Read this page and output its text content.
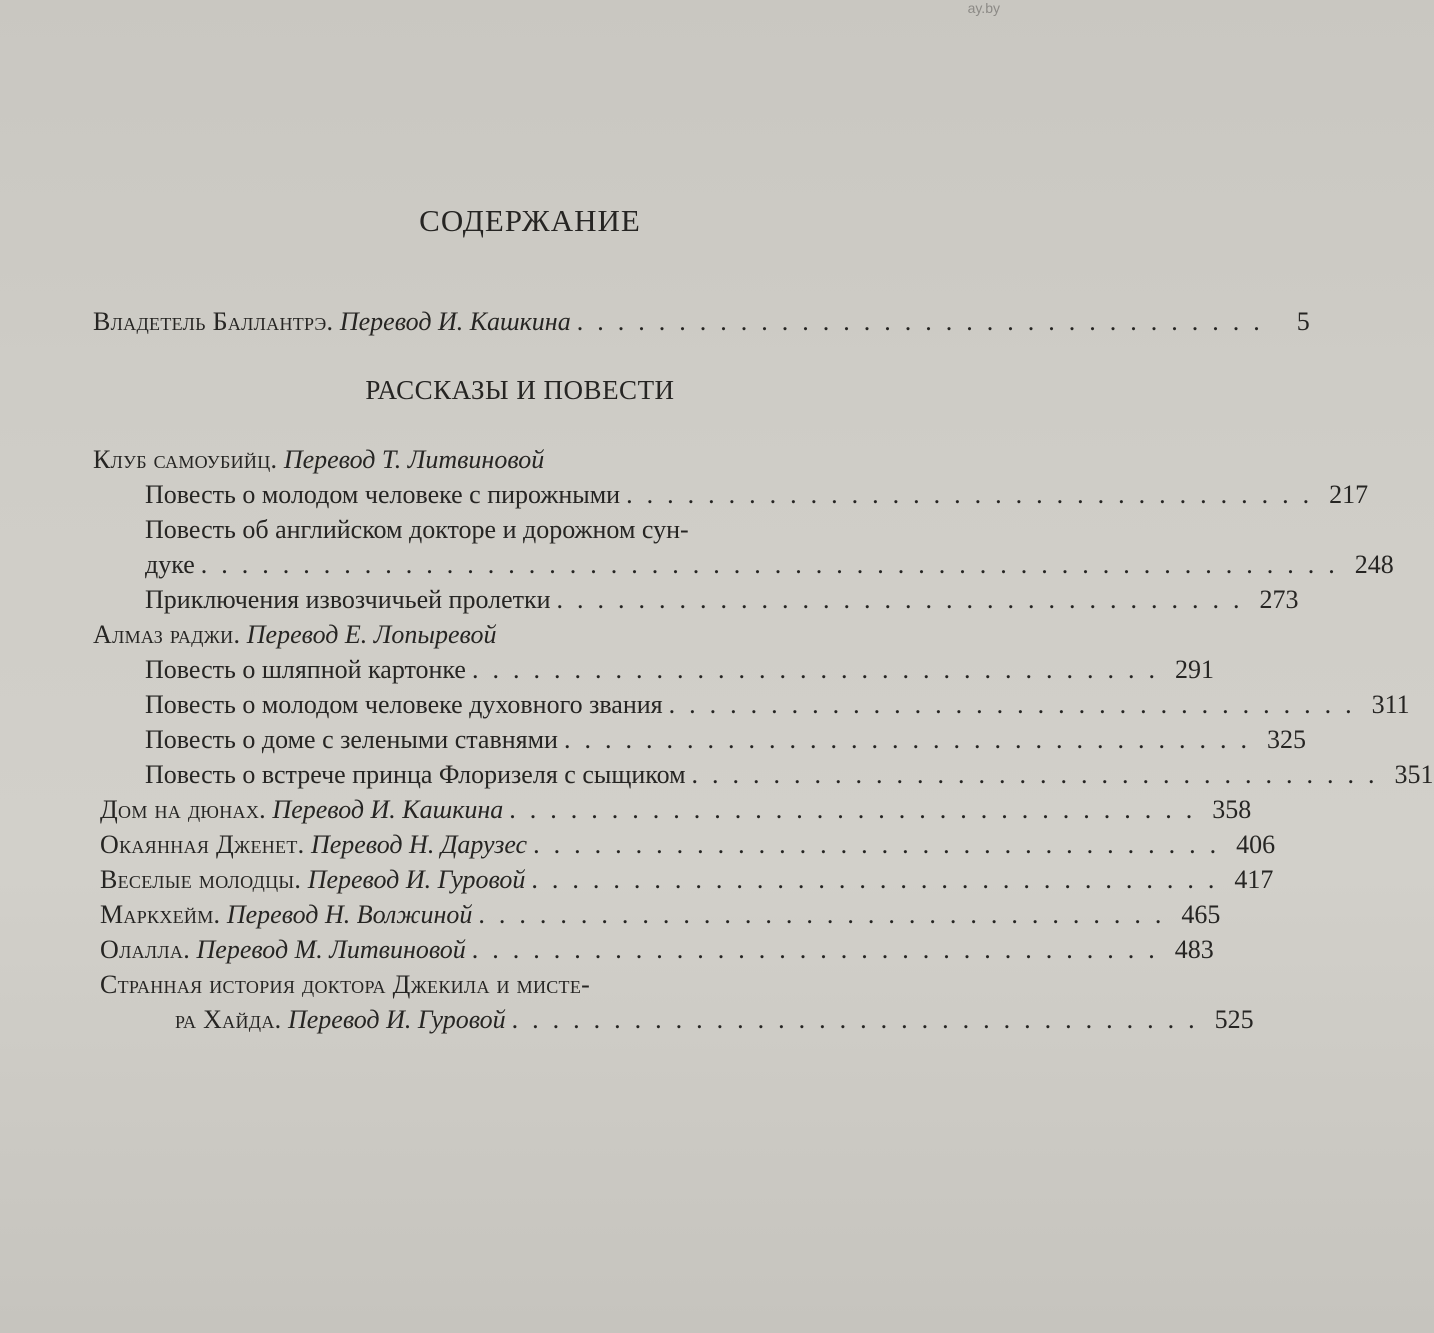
ay.by
СОДЕРЖАНИЕ
Владетель Баллантрэ.
Перевод И. Кашкина .................................. 5
РАССКАЗЫ И ПОВЕСТИ
Клуб самоубийц.
Перевод Т. Литвиновой
Повесть о молодом человеке с пирожными .................................. 217
Повесть об английском докторе и дорожном сун-
дуке ........................................................ 248
Приключения извозчичьей пролетки .................................. 273
Алмаз раджи.
Перевод Е. Лопыревой
Повесть о шляпной картонке .................................. 291
Повесть о молодом человеке духовного звания .................................. 311
Повесть о доме с зелеными ставнями .................................. 325
Повесть о встрече принца Флоризеля с сыщиком .................................. 351
Дом на дюнах.
Перевод И. Кашкина .................................. 358
Окаянная Дженет.
Перевод Н. Дарузес .................................. 406
Веселые молодцы.
Перевод И. Гуровой .................................. 417
Маркхейм.
Перевод Н. Волжиной .................................. 465
Олалла.
Перевод М. Литвиновой .................................. 483
Странная история доктора Джекила и мисте-
ра Хайда.
Перевод И. Гуровой .................................. 525
